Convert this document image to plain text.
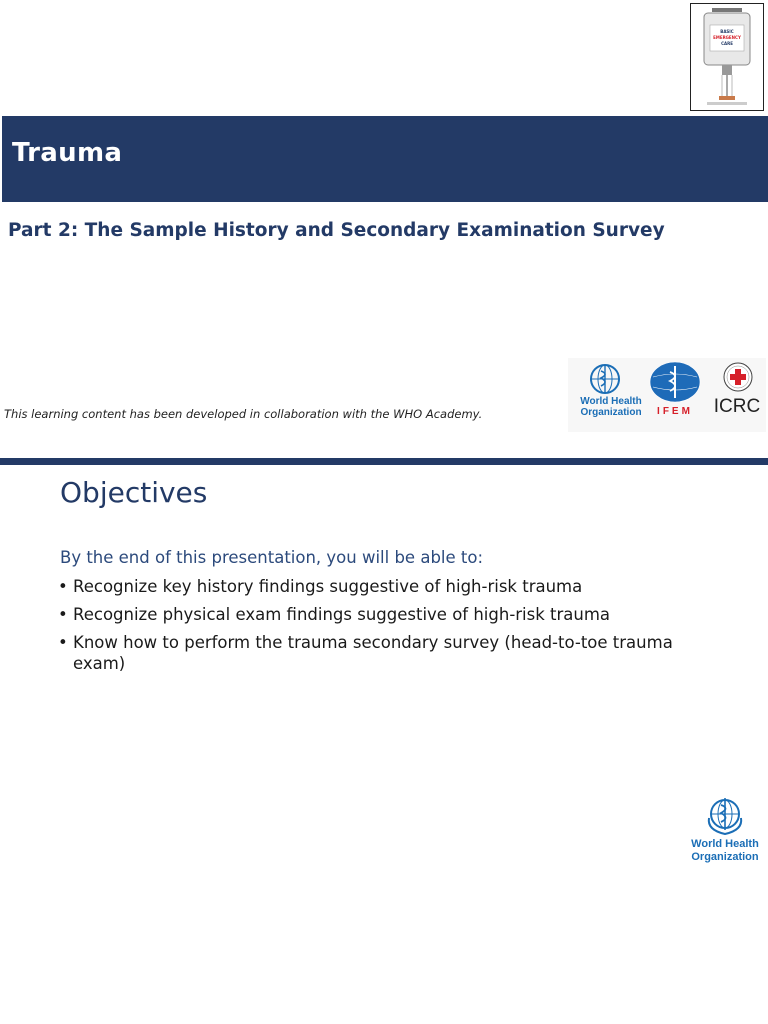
BASIC
EMERGENCY
CARE
Trauma
Part 2: The Sample History and Secondary Examination Survey
This learning content has been developed in collaboration with the WHO Academy.
World Health
Organization	IFEM	ICRC
Objectives
By the end of this presentation, you will be able to:
• Recognize key history findings suggestive of high-risk trauma
• Recognize physical exam findings suggestive of high-risk trauma
• Know how to perform the trauma secondary survey (head-to-toe trauma exam)
World Health
Organization
